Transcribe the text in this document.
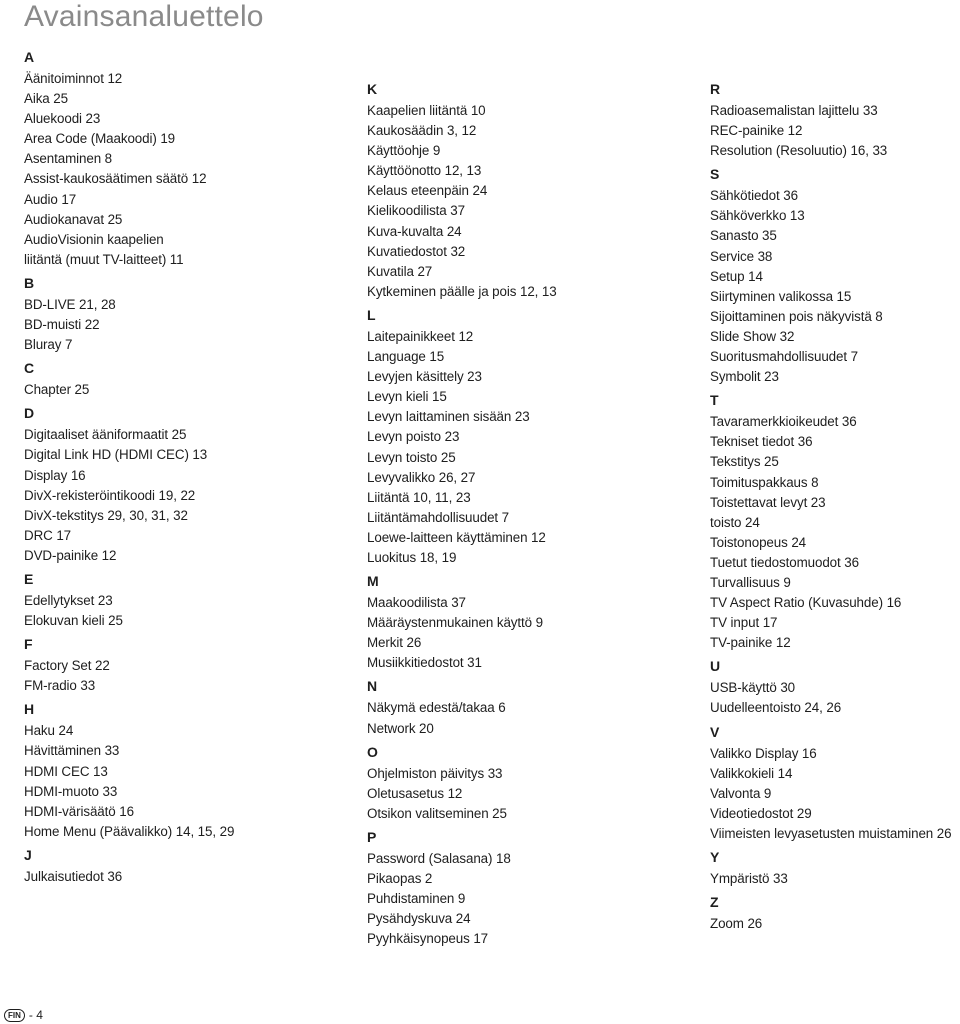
Avainsanaluettelo
A
Äänitoiminnot 12
Aika 25
Aluekoodi 23
Area Code (Maakoodi) 19
Asentaminen 8
Assist-kaukosäätimen säätö 12
Audio 17
Audiokanavat 25
AudioVisionin kaapelien
liitäntä (muut TV-laitteet) 11
B
BD-LIVE 21, 28
BD-muisti 22
Bluray 7
C
Chapter 25
D
Digitaaliset ääniformaatit 25
Digital Link HD (HDMI CEC) 13
Display 16
DivX-rekisteröintikoodi 19, 22
DivX-tekstitys 29, 30, 31, 32
DRC 17
DVD-painike 12
E
Edellytykset 23
Elokuvan kieli 25
F
Factory Set 22
FM-radio 33
H
Haku 24
Hävittäminen 33
HDMI CEC 13
HDMI-muoto 33
HDMI-värisäätö 16
Home Menu (Päävalikko) 14, 15, 29
J
Julkaisutiedot 36
K
Kaapelien liitäntä 10
Kaukosäädin 3, 12
Käyttöohje 9
Käyttöönotto 12, 13
Kelaus eteenpäin 24
Kielikoodilista 37
Kuva-kuvalta 24
Kuvatiedostot 32
Kuvatila 27
Kytkeminen päälle ja pois 12, 13
L
Laitepainikkeet 12
Language 15
Levyjen käsittely 23
Levyn kieli 15
Levyn laittaminen sisään 23
Levyn poisto 23
Levyn toisto 25
Levyvalikko 26, 27
Liitäntä 10, 11, 23
Liitäntämahdollisuudet 7
Loewe-laitteen käyttäminen 12
Luokitus 18, 19
M
Maakoodilista 37
Määräystenmukainen käyttö 9
Merkit 26
Musiikkitiedostot 31
N
Näkymä edestä/takaa 6
Network 20
O
Ohjelmiston päivitys 33
Oletusasetus 12
Otsikon valitseminen 25
P
Password (Salasana) 18
Pikaopas 2
Puhdistaminen 9
Pysähdyskuva 24
Pyyhkäisynopeus 17
R
Radioasemalistan lajittelu 33
REC-painike 12
Resolution (Resoluutio) 16, 33
S
Sähkötiedot 36
Sähköverkko 13
Sanasto 35
Service 38
Setup 14
Siirtyminen valikossa 15
Sijoittaminen pois näkyvistä 8
Slide Show 32
Suoritusmahdollisuudet 7
Symbolit 23
T
Tavaramerkkioikeudet 36
Tekniset tiedot 36
Tekstitys 25
Toimituspakkaus 8
Toistettavat levyt 23
toisto 24
Toistonopeus 24
Tuetut tiedostomuodot 36
Turvallisuus 9
TV Aspect Ratio (Kuvasuhde) 16
TV input 17
TV-painike 12
U
USB-käyttö 30
Uudelleentoisto 24, 26
V
Valikko Display 16
Valikkokieli 14
Valvonta 9
Videotiedostot 29
Viimeisten levyasetusten muistaminen 26
Y
Ympäristö 33
Z
Zoom 26
FIN - 4
